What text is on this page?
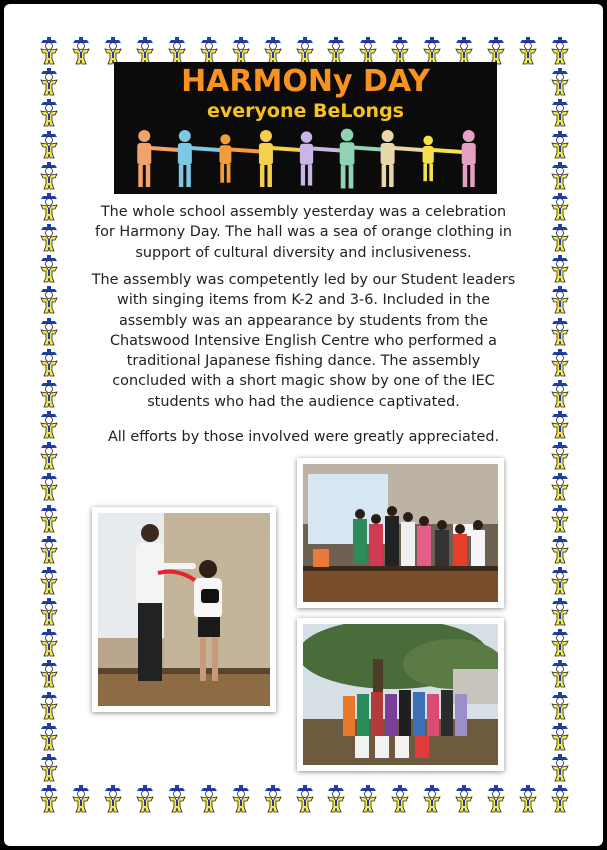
HARMONy DAY
everyone BeLongs

The whole school assembly yesterday was a celebration
for Harmony Day. The hall was a sea of orange clothing in
support of cultural diversity and inclusiveness.

The assembly was competently led by our Student leaders
with singing items from K-2 and 3-6. Included in the
assembly was an appearance by students from the
Chatswood Intensive English Centre who performed a
traditional Japanese fishing dance. The assembly
concluded with a short magic show by one of the IEC
students who had the audience captivated.

All efforts by those involved were greatly appreciated.
